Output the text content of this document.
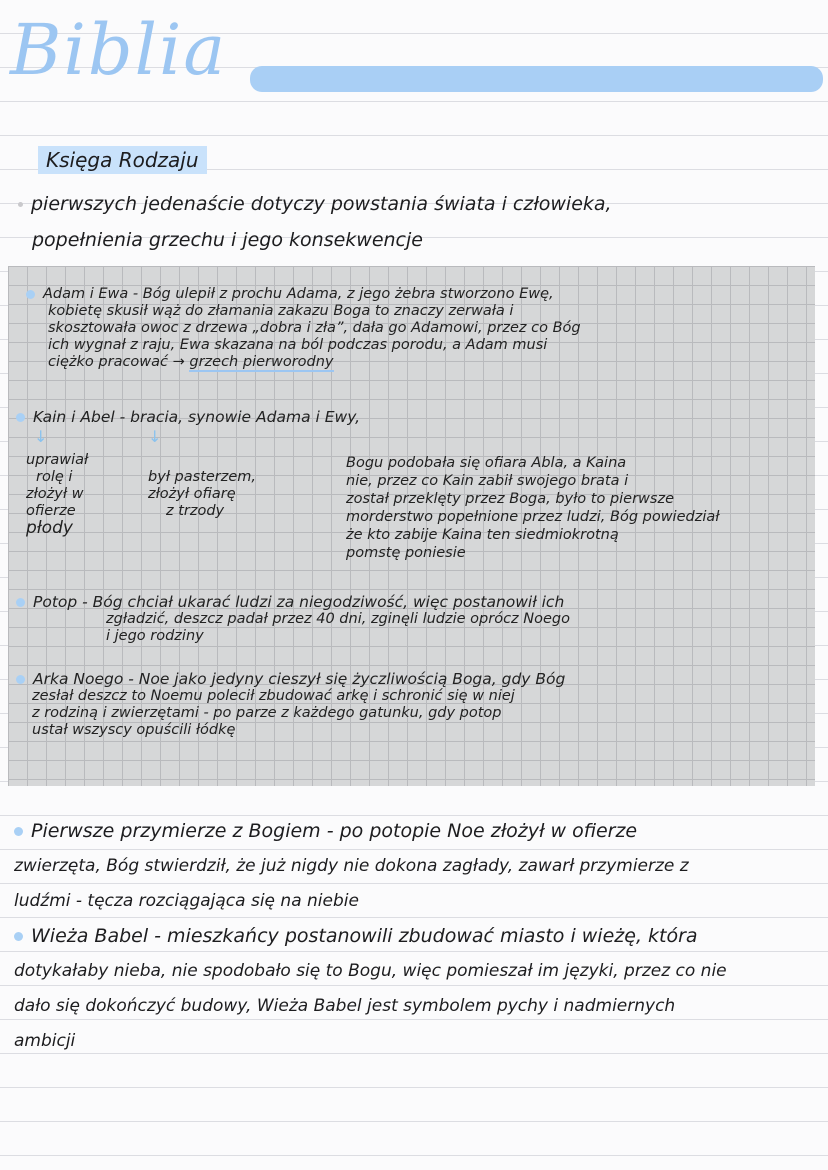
Biblia
Księga Rodzaju
pierwszych jedenaście dotyczy powstania świata i człowieka,
popełnienia grzechu i jego konsekwencje
Adam i Ewa - Bóg ulepił z prochu Adama, z jego żebra stworzono Ewę,
kobietę skusił wąż do złamania zakazu Boga to znaczy zerwała i
skosztowała owoc z drzewa „dobra i zła”, dała go Adamowi, przez co Bóg
ich wygnał z raju, Ewa skazana na ból podczas porodu, a Adam musi
ciężko pracować → grzech pierworodny
Kain i Abel - bracia, synowie Adama i Ewy,
↓	↓
uprawiał
rolę i
złożył w
ofierze
płody
był pasterzem,
złożył ofiarę
z trzody
Bogu podobała się ofiara Abla, a Kaina
nie, przez co Kain zabił swojego brata i
został przeklęty przez Boga, było to pierwsze
morderstwo popełnione przez ludzi, Bóg powiedział
że kto zabije Kaina ten siedmiokrotną
pomstę poniesie
Potop - Bóg chciał ukarać ludzi za niegodziwość, więc postanowił ich
zgładzić, deszcz padał przez 40 dni, zginęli ludzie oprócz Noego
i jego rodziny
Arka Noego - Noe jako jedyny cieszył się życzliwością Boga, gdy Bóg
zesłał deszcz to Noemu polecił zbudować arkę i schronić się w niej
z rodziną i zwierzętami - po parze z każdego gatunku, gdy potop
ustał wszyscy opuścili łódkę
Pierwsze przymierze z Bogiem - po potopie Noe złożył w ofierze
zwierzęta, Bóg stwierdził, że już nigdy nie dokona zagłady, zawarł przymierze z
ludźmi - tęcza rozciągająca się na niebie
Wieża Babel - mieszkańcy postanowili zbudować miasto i wieżę, która
dotykałaby nieba, nie spodobało się to Bogu, więc pomieszał im języki, przez co nie
dało się dokończyć budowy, Wieża Babel jest symbolem pychy i nadmiernych
ambicji
